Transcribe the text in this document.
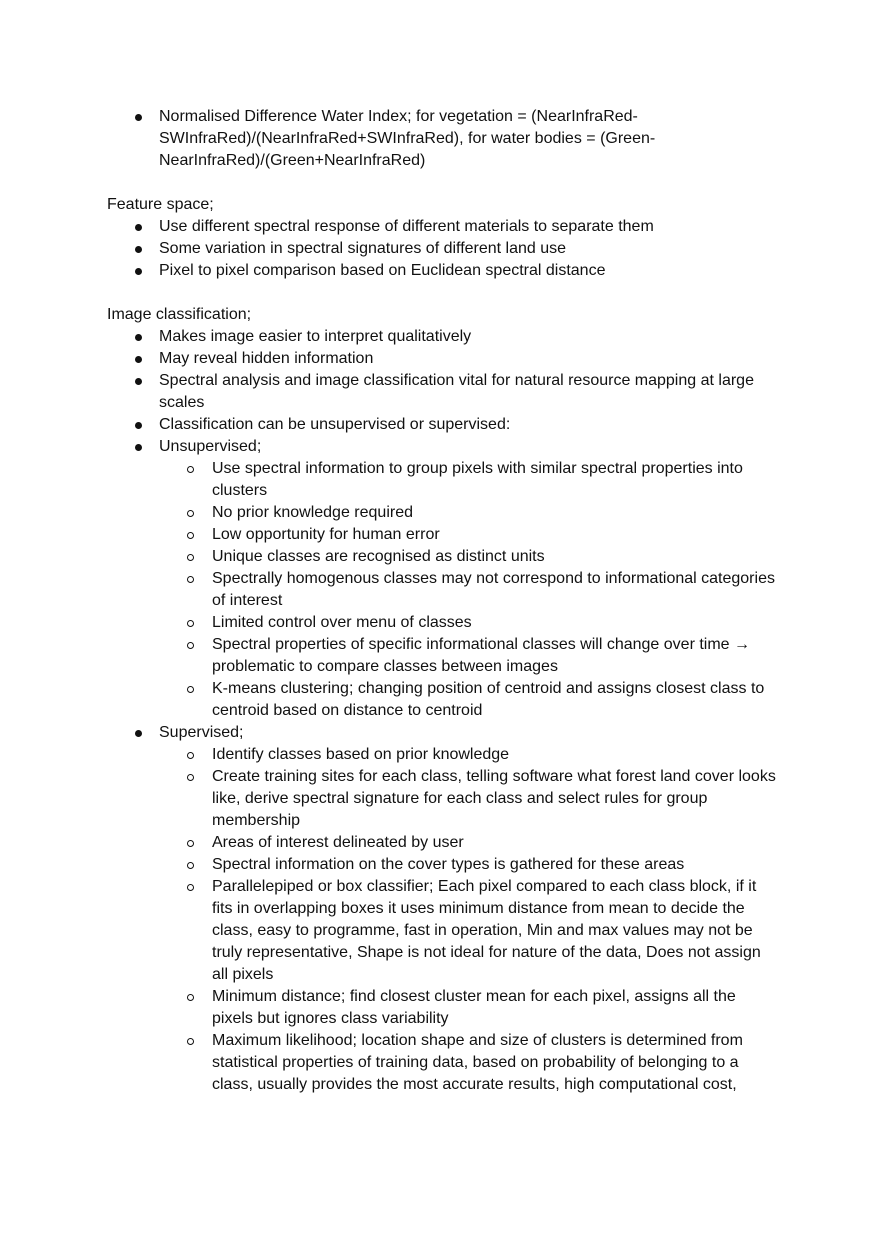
Normalised Difference Water Index; for vegetation = (NearInfraRed-SWInfraRed)/(NearInfraRed+SWInfraRed), for water bodies = (Green-NearInfraRed)/(Green+NearInfraRed)

Feature space;

Use different spectral response of different materials to separate them
Some variation in spectral signatures of different land use
Pixel to pixel comparison based on Euclidean spectral distance

Image classification;

Makes image easier to interpret qualitatively
May reveal hidden information
Spectral analysis and image classification vital for natural resource mapping at large scales
Classification can be unsupervised or supervised:
Unsupervised;
Use spectral information to group pixels with similar spectral properties into clusters
No prior knowledge required
Low opportunity for human error
Unique classes are recognised as distinct units
Spectrally homogenous classes may not correspond to informational categories of interest
Limited control over menu of classes
Spectral properties of specific informational classes will change over time → problematic to compare classes between images
K-means clustering; changing position of centroid and assigns closest class to centroid based on distance to centroid
Supervised;
Identify classes based on prior knowledge
Create training sites for each class, telling software what forest land cover looks like, derive spectral signature for each class and select rules for group membership
Areas of interest delineated by user
Spectral information on the cover types is gathered for these areas
Parallelepiped or box classifier; Each pixel compared to each class block, if it fits in overlapping boxes it uses minimum distance from mean to decide the class, easy to programme, fast in operation, Min and max values may not be truly representative, Shape is not ideal for nature of the data, Does not assign all pixels
Minimum distance; find closest cluster mean for each pixel, assigns all the pixels but ignores class variability
Maximum likelihood; location shape and size of clusters is determined from statistical properties of training data, based on probability of belonging to a class, usually provides the most accurate results, high computational cost,
